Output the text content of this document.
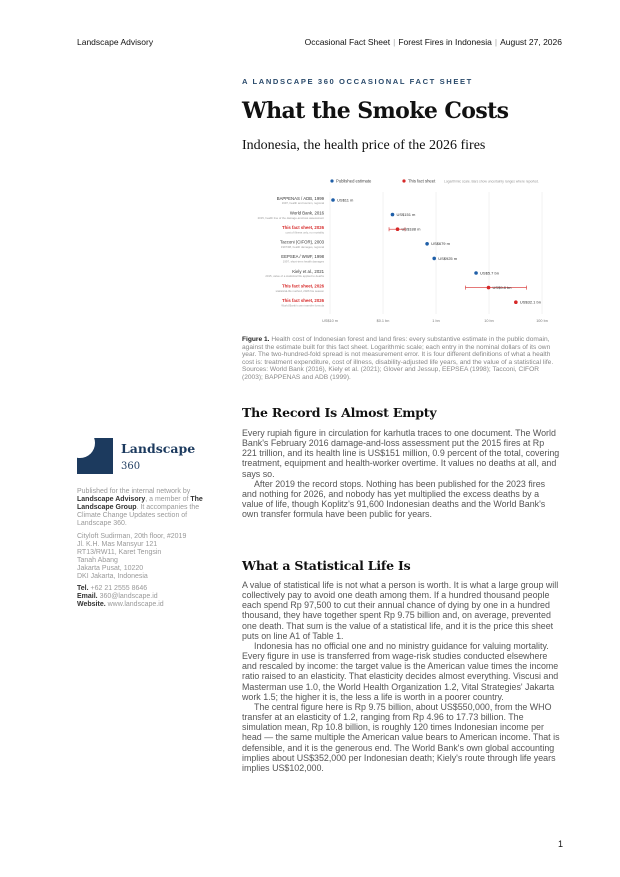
Landscape Advisory	Occasional Fact Sheet | Forest Fires in Indonesia | August 27, 2026
Landscape
360
Published for the internal network by Landscape Advisory, a member of The Landscape Group. It accompanies the Climate Change Updates section of Landscape 360.
Cityloft Sudirman, 20th floor, #2019
Jl. K.H. Mas Mansyur 121
RT13/RW11, Karet Tengsin
Tanah Abang
Jakarta Pusat, 10220
DKI Jakarta, Indonesia
Tel. +62 21 2555 8646
Email. 360@landscape.id
Website. www.landscape.id
A LANDSCAPE 360 OCCASIONAL FACT SHEET
What the Smoke Costs
Indonesia, the health price of the 2026 fires
Published estimate	This fact sheet	Logarithmic scale. Bars show uncertainty ranges where reported.
US$10 m	$0.1 bn	1 bn	10 bn	100 bn
BAPPENAS / ADB, 1999
1997, health and tourism, regional
US$11 m
World Bank, 2016
2015, health line of the damage-and-loss assessment
US$151 m
This fact sheet, 2026
cost of illness only, no mortality
US$188 m
Tacconi (CIFOR), 2003
1997/98, health damages, regional
US$679 m
EEPSEA / WWF, 1998
1997, short-term health damages
US$925 m
Kiely et al., 2021
2015, value of a statistical life applied to deaths
US$5.7 bn
This fact sheet, 2026
statistical-life method, 2026 fire season
US$9.8 bn
This fact sheet, 2026
World Bank's own transfer formula
US$32.1 bn
Figure 1. Health cost of Indonesian forest and land fires: every substantive estimate in the public domain, against the estimate built for this fact sheet. Logarithmic scale; each entry in the nominal dollars of its own year. The two-hundred-fold spread is not measurement error. It is four different definitions of what a health cost is: treatment expenditure, cost of illness, disability-adjusted life years, and the value of a statistical life. Sources: World Bank (2016), Kiely et al. (2021); Glover and Jessup, EEPSEA (1998); Tacconi, CIFOR (2003); BAPPENAS and ADB (1999).
The Record Is Almost Empty

Every rupiah figure in circulation for karhutla traces to one document. The World Bank's February 2016 damage-and-loss assessment put the 2015 fires at Rp 221 trillion, and its health line is US$151 million, 0.9 percent of the total, covering treatment, equipment and health-worker overtime. It values no deaths at all, and says so.

After 2019 the record stops. Nothing has been published for the 2023 fires and nothing for 2026, and nobody has yet multiplied the excess deaths by a value of life, though Koplitz's 91,600 Indonesian deaths and the World Bank's own transfer formula have been public for years.

What a Statistical Life Is

A value of statistical life is not what a person is worth. It is what a large group will collectively pay to avoid one death among them. If a hundred thousand people each spend Rp 97,500 to cut their annual chance of dying by one in a hundred thousand, they have together spent Rp 9.75 billion and, on average, prevented one death. That sum is the value of a statistical life, and it is the price this sheet puts on line A1 of Table 1.

Indonesia has no official one and no ministry guidance for valuing mortality. Every figure in use is transferred from wage-risk studies conducted elsewhere and rescaled by income: the target value is the American value times the income ratio raised to an elasticity. That elasticity decides almost everything. Viscusi and Masterman use 1.0, the World Health Organization 1.2, Vital Strategies' Jakarta work 1.5; the higher it is, the less a life is worth in a poorer country.

The central figure here is Rp 9.75 billion, about US$550,000, from the WHO transfer at an elasticity of 1.2, ranging from Rp 4.96 to 17.73 billion. The simulation mean, Rp 10.8 billion, is roughly 120 times Indonesian income per head — the same multiple the American value bears to American income. That is defensible, and it is the generous end. The World Bank's own global accounting implies about US$352,000 per Indonesian death; Kiely's route through life years implies US$102,000.

1
